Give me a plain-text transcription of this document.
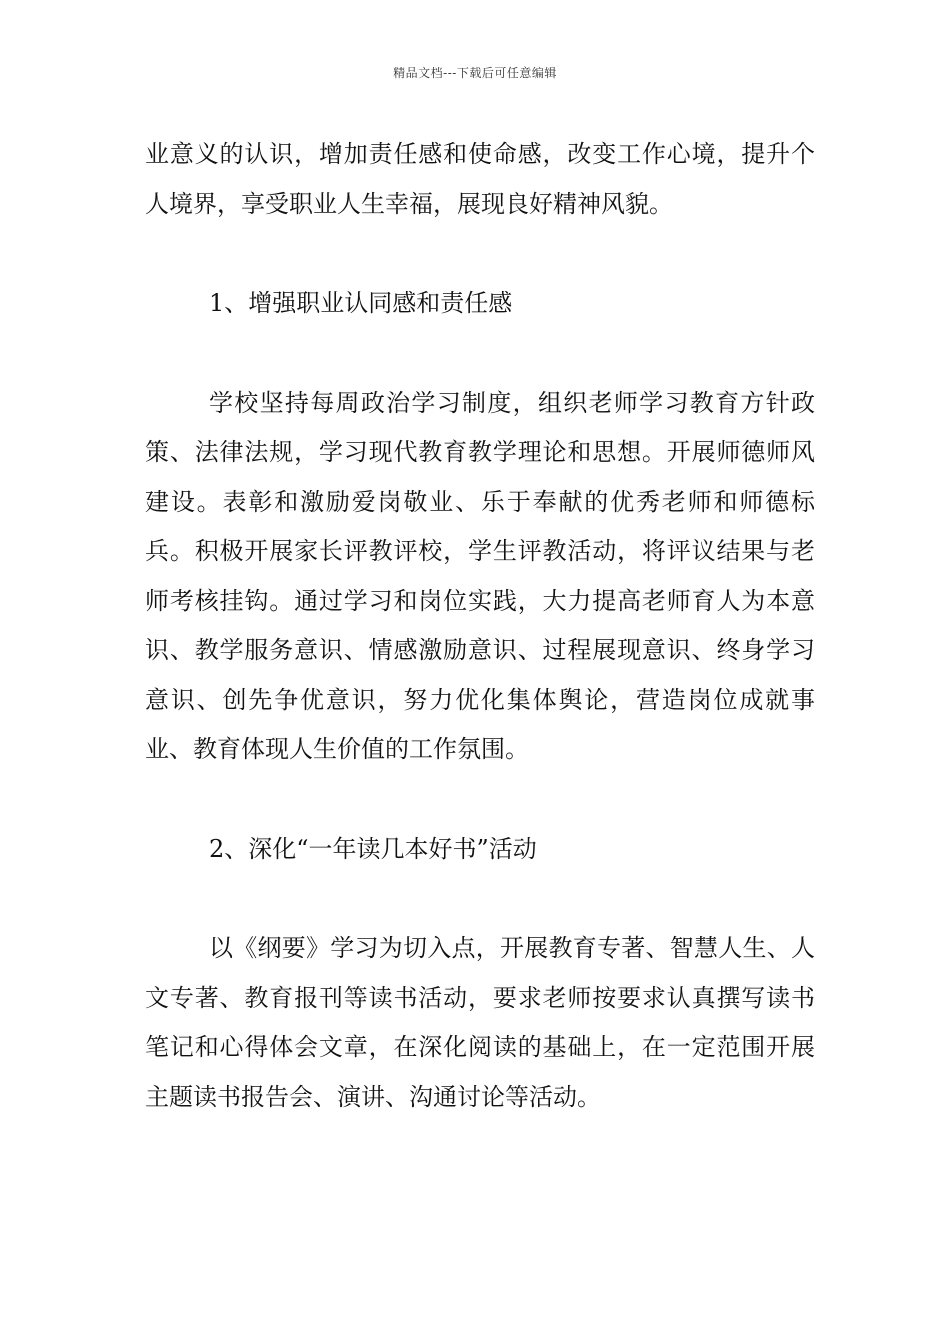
精品文档---下载后可任意编辑

业意义的认识，增加责任感和使命感，改变工作心境，提升个人境界，享受职业人生幸福，展现良好精神风貌。

1、增强职业认同感和责任感

学校坚持每周政治学习制度，组织老师学习教育方针政策、法律法规，学习现代教育教学理论和思想。开展师德师风建设。表彰和激励爱岗敬业、乐于奉献的优秀老师和师德标兵。积极开展家长评教评校，学生评教活动，将评议结果与老师考核挂钩。通过学习和岗位实践，大力提高老师育人为本意识、教学服务意识、情感激励意识、过程展现意识、终身学习意识、创先争优意识，努力优化集体舆论，营造岗位成就事业、教育体现人生价值的工作氛围。

2、深化“一年读几本好书”活动

以《纲要》学习为切入点，开展教育专著、智慧人生、人文专著、教育报刊等读书活动，要求老师按要求认真撰写读书笔记和心得体会文章，在深化阅读的基础上，在一定范围开展主题读书报告会、演讲、沟通讨论等活动。
